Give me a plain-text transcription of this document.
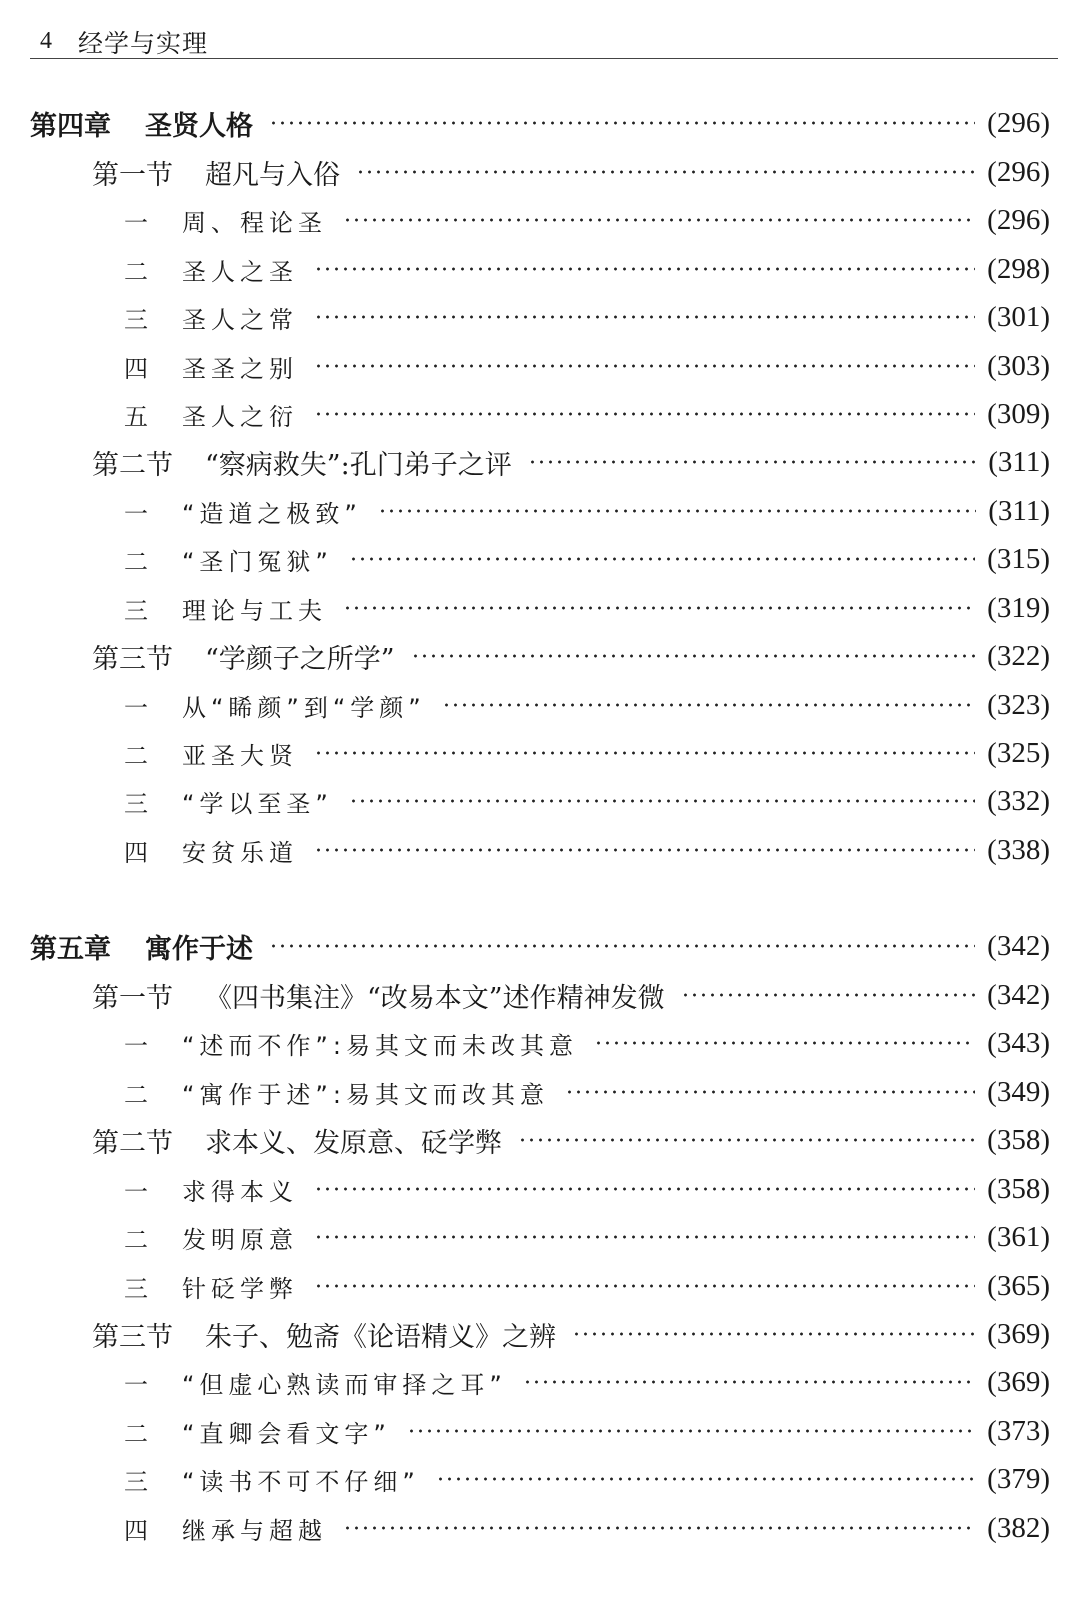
4 经学与实理
第四章 圣贤人格	(296)
第一节 超凡与入俗	(296)
一	周、程论圣	(296)
二	圣人之圣	(298)
三	圣人之常	(301)
四	圣圣之别	(303)
五	圣人之衍	(309)
第二节 “察病救失”:孔门弟子之评	(311)
一	“造道之极致”	(311)
二	“圣门冤狱”	(315)
三	理论与工夫	(319)
第三节 “学颜子之所学”	(322)
一	从“睎颜”到“学颜”	(323)
二	亚圣大贤	(325)
三	“学以至圣”	(332)
四	安贫乐道	(338)
第五章 寓作于述	(342)
第一节 《四书集注》“改易本文”述作精神发微	(342)
一	“述而不作”:易其文而未改其意	(343)
二	“寓作于述”:易其文而改其意	(349)
第二节 求本义、发原意、砭学弊	(358)
一	求得本义	(358)
二	发明原意	(361)
三	针砭学弊	(365)
第三节 朱子、勉斋《论语精义》之辨	(369)
一	“但虚心熟读而审择之耳”	(369)
二	“直卿会看文字”	(373)
三	“读书不可不仔细”	(379)
四	继承与超越	(382)
